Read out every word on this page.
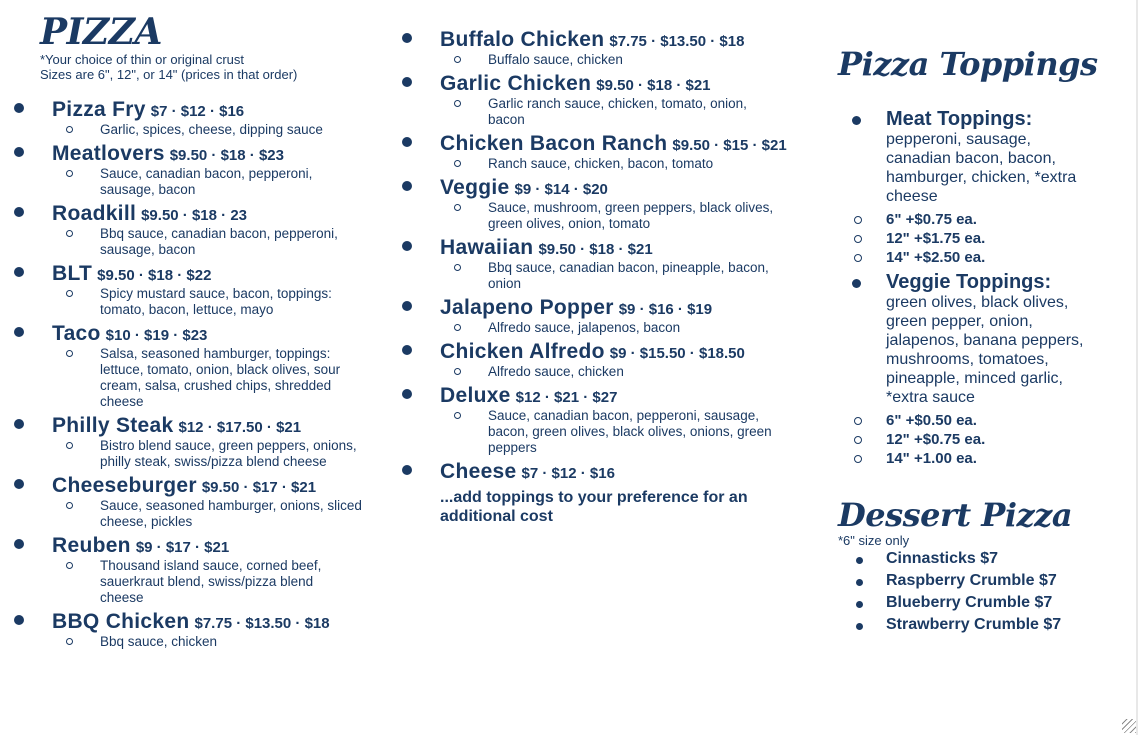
PIZZA
*Your choice of thin or original crust
Sizes are 6", 12", or 14" (prices in that order)
Pizza Fry $7 · $12 · $16
Garlic, spices, cheese, dipping sauce
Meatlovers $9.50 · $18 · $23
Sauce, canadian bacon, pepperoni,
sausage, bacon
Roadkill $9.50 · $18 · 23
Bbq sauce, canadian bacon, pepperoni,
sausage, bacon
BLT $9.50 · $18 · $22
Spicy mustard sauce, bacon, toppings:
tomato, bacon, lettuce, mayo
Taco $10 · $19 · $23
Salsa, seasoned hamburger, toppings:
lettuce, tomato, onion, black olives, sour
cream, salsa, crushed chips, shredded
cheese
Philly Steak $12 · $17.50 · $21
Bistro blend sauce, green peppers, onions,
philly steak, swiss/pizza blend cheese
Cheeseburger $9.50 · $17 · $21
Sauce, seasoned hamburger, onions, sliced
cheese, pickles
Reuben $9 · $17 · $21
Thousand island sauce, corned beef,
sauerkraut blend, swiss/pizza blend
cheese
BBQ Chicken $7.75 · $13.50 · $18
Bbq sauce, chicken
Buffalo Chicken $7.75 · $13.50 · $18
Buffalo sauce, chicken
Garlic Chicken $9.50 · $18 · $21
Garlic ranch sauce, chicken, tomato, onion,
bacon
Chicken Bacon Ranch $9.50 · $15 · $21
Ranch sauce, chicken, bacon, tomato
Veggie $9 · $14 · $20
Sauce, mushroom, green peppers, black olives,
green olives, onion, tomato
Hawaiian $9.50 · $18 · $21
Bbq sauce, canadian bacon, pineapple, bacon,
onion
Jalapeno Popper $9 · $16 · $19
Alfredo sauce, jalapenos, bacon
Chicken Alfredo $9 · $15.50 · $18.50
Alfredo sauce, chicken
Deluxe $12 · $21 · $27
Sauce, canadian bacon, pepperoni, sausage,
bacon, green olives, black olives, onions, green
peppers
Cheese $7 · $12 · $16
...add toppings to your preference for an additional cost
Pizza Toppings
Meat Toppings:
pepperoni, sausage, canadian bacon, bacon, hamburger, chicken, *extra cheese
6" +$0.75 ea.
12" +$1.75 ea.
14" +$2.50 ea.
Veggie Toppings:
green olives, black olives, green pepper, onion, jalapenos, banana peppers, mushrooms, tomatoes, pineapple, minced garlic, *extra sauce
6" +$0.50 ea.
12" +$0.75 ea.
14" +1.00 ea.
Dessert Pizza
*6" size only
Cinnasticks $7
Raspberry Crumble $7
Blueberry Crumble $7
Strawberry Crumble $7
